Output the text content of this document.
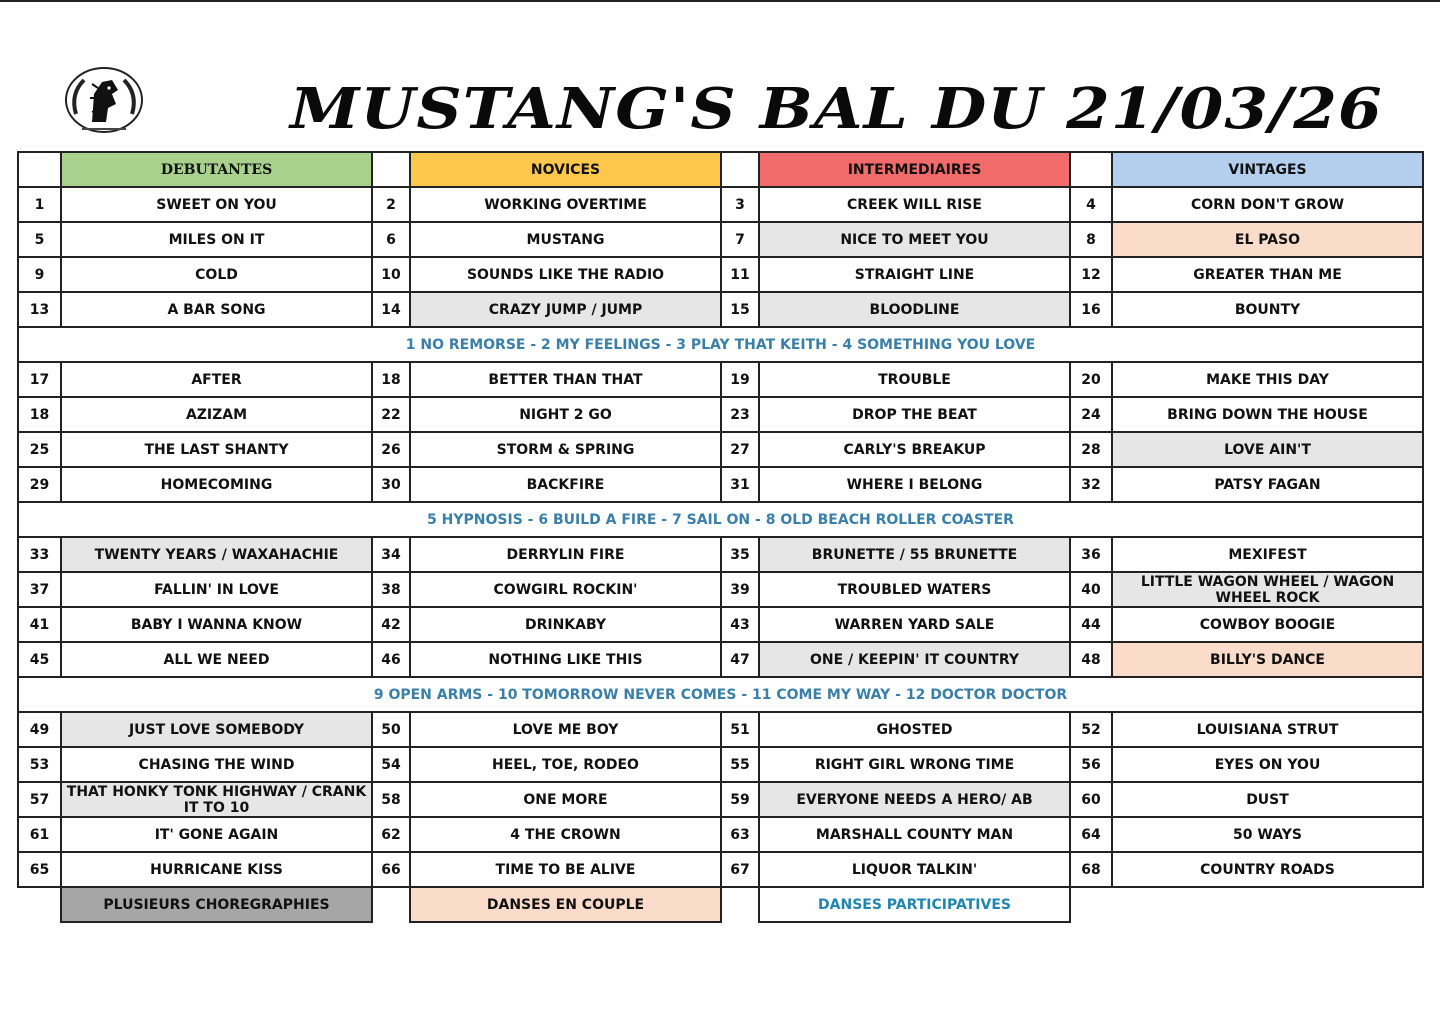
MUSTANG'S BAL DU 21/03/26
	DEBUTANTES		NOVICES		INTERMEDIAIRES		VINTAGES
1	SWEET ON YOU	2	WORKING OVERTIME	3	CREEK WILL RISE	4	CORN DON'T GROW
5	MILES ON IT	6	MUSTANG	7	NICE TO MEET YOU	8	EL PASO
9	COLD	10	SOUNDS LIKE THE RADIO	11	STRAIGHT LINE	12	GREATER THAN ME
13	A BAR SONG	14	CRAZY JUMP / JUMP	15	BLOODLINE	16	BOUNTY
1 NO REMORSE - 2 MY FEELINGS - 3 PLAY THAT KEITH - 4 SOMETHING YOU LOVE							
17	AFTER	18	BETTER THAN THAT	19	TROUBLE	20	MAKE THIS DAY
18	AZIZAM	22	NIGHT 2 GO	23	DROP THE BEAT	24	BRING DOWN THE HOUSE
25	THE LAST SHANTY	26	STORM & SPRING	27	CARLY'S BREAKUP	28	LOVE AIN'T
29	HOMECOMING	30	BACKFIRE	31	WHERE I BELONG	32	PATSY FAGAN
5 HYPNOSIS - 6 BUILD A FIRE - 7 SAIL ON - 8 OLD BEACH ROLLER COASTER							
33	TWENTY YEARS / WAXAHACHIE	34	DERRYLIN FIRE	35	BRUNETTE / 55 BRUNETTE	36	MEXIFEST
37	FALLIN' IN LOVE	38	COWGIRL ROCKIN'	39	TROUBLED WATERS	40	LITTLE WAGON WHEEL / WAGON WHEEL ROCK
41	BABY I WANNA KNOW	42	DRINKABY	43	WARREN YARD SALE	44	COWBOY BOOGIE
45	ALL WE NEED	46	NOTHING LIKE THIS	47	ONE / KEEPIN' IT COUNTRY	48	BILLY'S DANCE
9 OPEN ARMS - 10 TOMORROW NEVER COMES - 11 COME MY WAY - 12 DOCTOR DOCTOR							
49	JUST LOVE SOMEBODY	50	LOVE ME BOY	51	GHOSTED	52	LOUISIANA STRUT
53	CHASING THE WIND	54	HEEL, TOE, RODEO	55	RIGHT GIRL WRONG TIME	56	EYES ON YOU
57	THAT HONKY TONK HIGHWAY / CRANK IT TO 10	58	ONE MORE	59	EVERYONE NEEDS A HERO/ AB	60	DUST
61	IT' GONE AGAIN	62	4 THE CROWN	63	MARSHALL COUNTY MAN	64	50 WAYS
65	HURRICANE KISS	66	TIME TO BE ALIVE	67	LIQUOR TALKIN'	68	COUNTRY ROADS
	PLUSIEURS CHOREGRAPHIES		DANSES EN COUPLE		DANSES PARTICIPATIVES		
